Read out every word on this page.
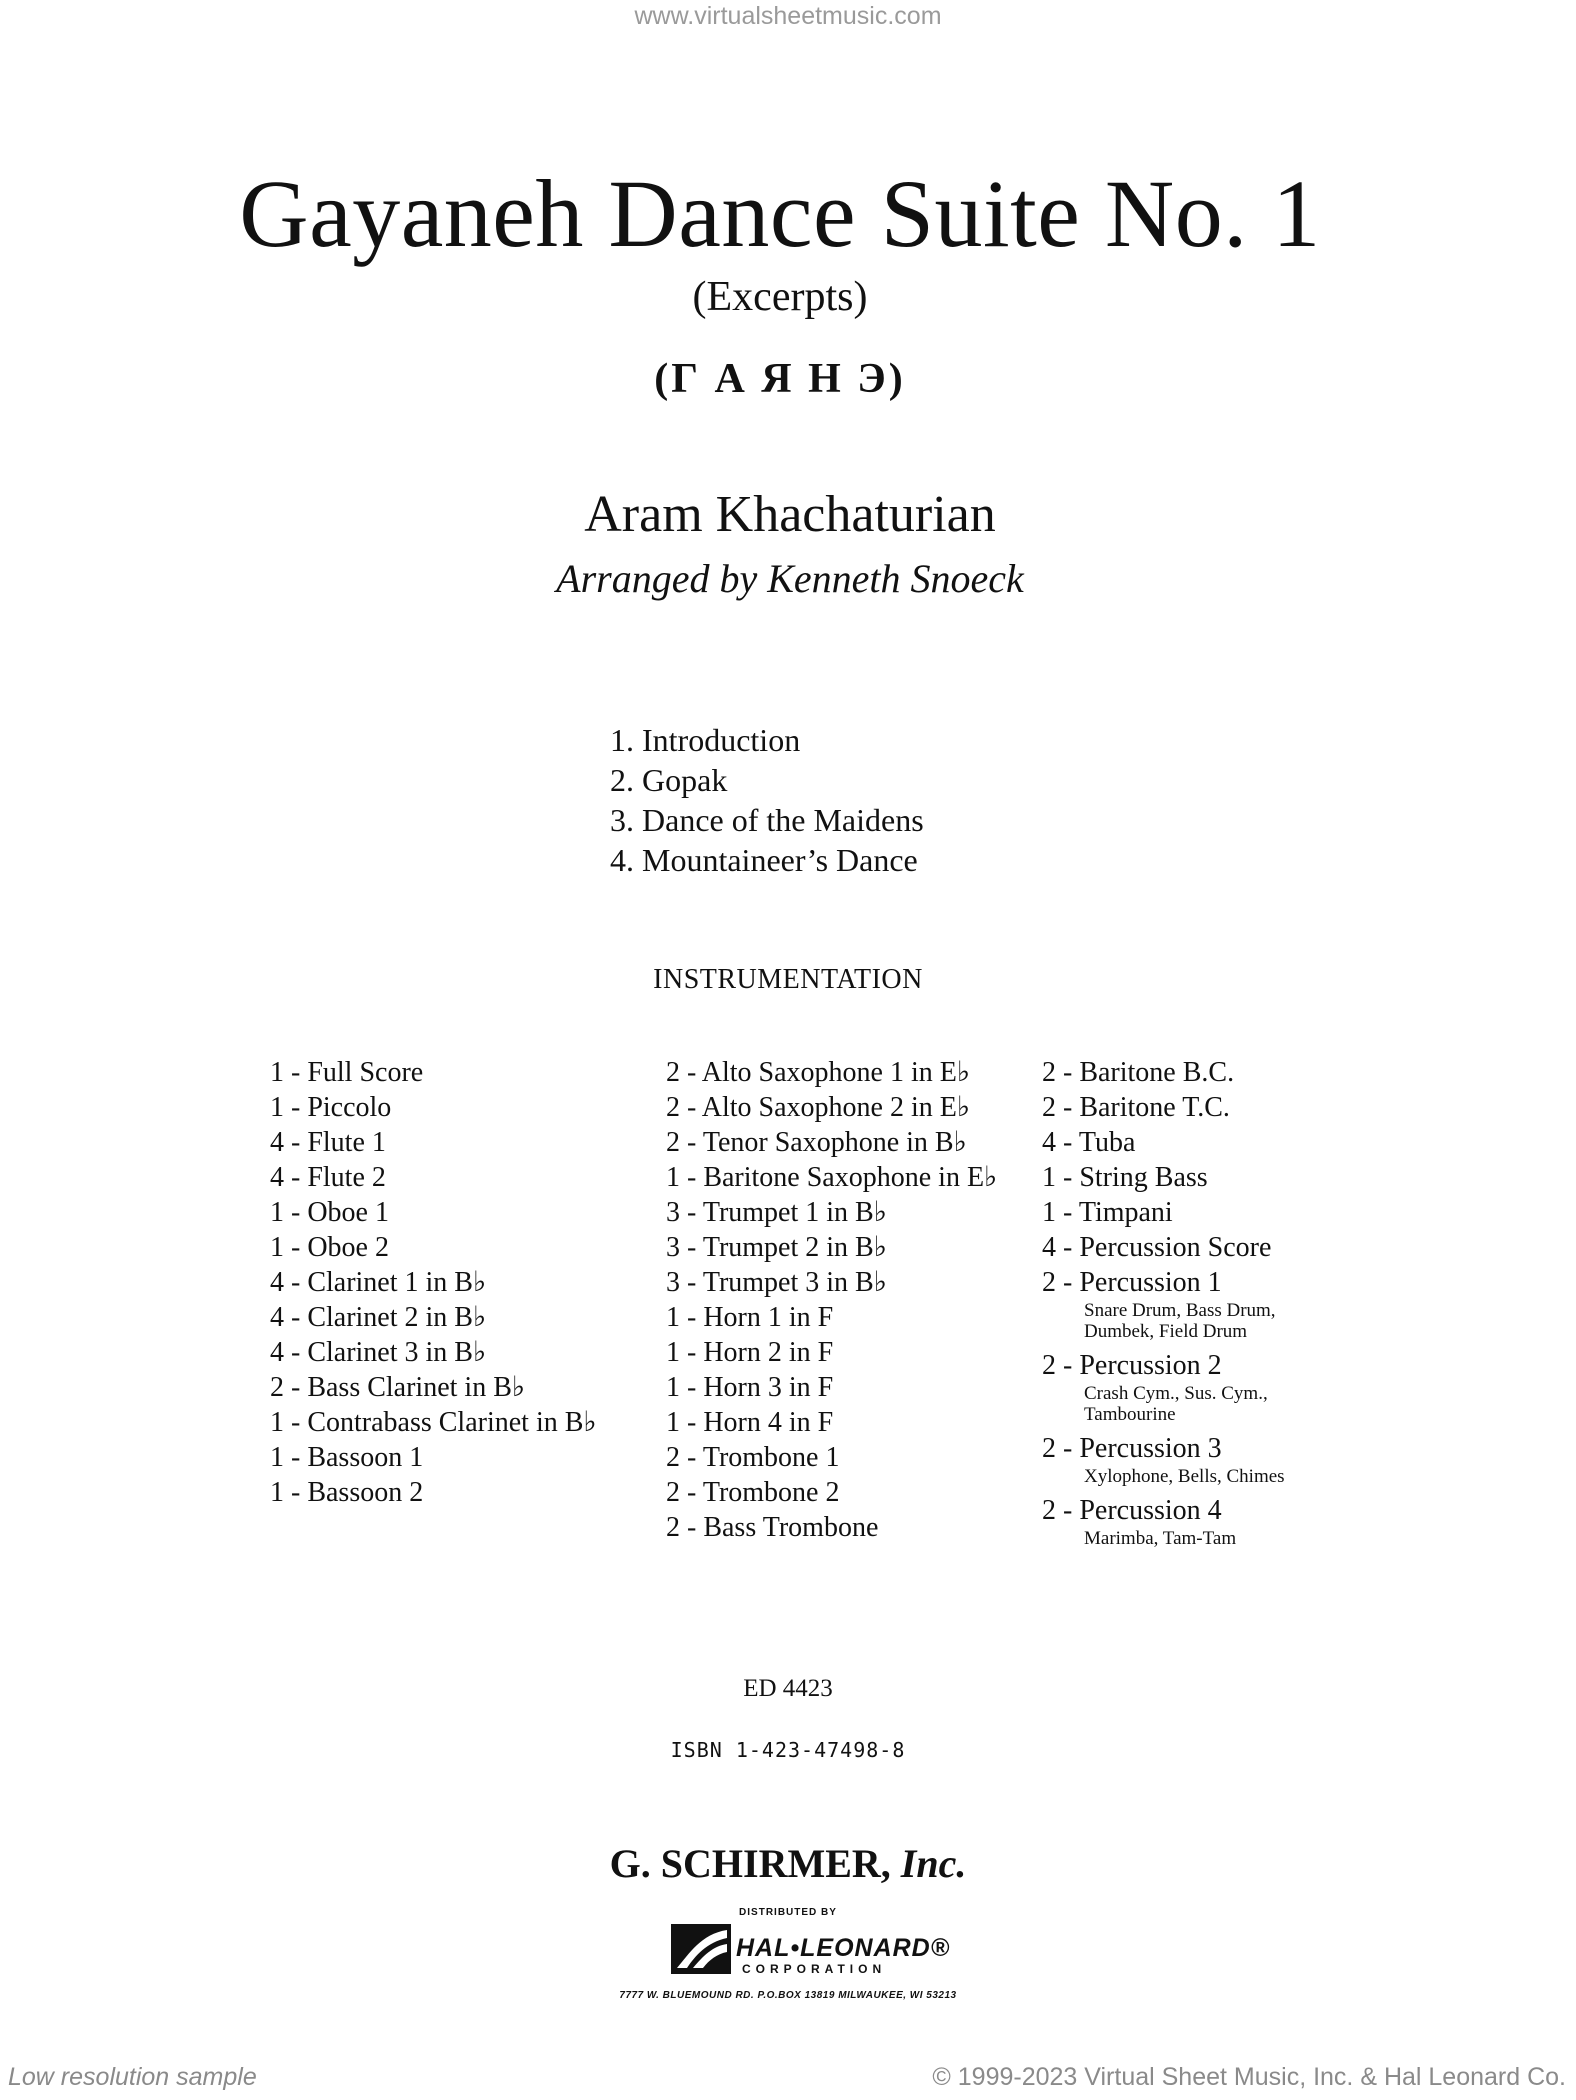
www.virtualsheetmusic.com
Gayaneh Dance Suite No. 1
(Excerpts)
(Г А Я Н Э)
Aram Khachaturian
Arranged by Kenneth Snoeck
1. Introduction
2. Gopak
3. Dance of the Maidens
4. Mountaineer’s Dance
INSTRUMENTATION
1 - Full Score
1 - Piccolo
4 - Flute 1
4 - Flute 2
1 - Oboe 1
1 - Oboe 2
4 - Clarinet 1 in B♭
4 - Clarinet 2 in B♭
4 - Clarinet 3 in B♭
2 - Bass Clarinet in B♭
1 - Contrabass Clarinet in B♭
1 - Bassoon 1
1 - Bassoon 2
2 - Alto Saxophone 1 in E♭
2 - Alto Saxophone 2 in E♭
2 - Tenor Saxophone in B♭
1 - Baritone Saxophone in E♭
3 - Trumpet 1 in B♭
3 - Trumpet 2 in B♭
3 - Trumpet 3 in B♭
1 - Horn 1 in F
1 - Horn 2 in F
1 - Horn 3 in F
1 - Horn 4 in F
2 - Trombone 1
2 - Trombone 2
2 - Bass Trombone
2 - Baritone B.C.
2 - Baritone T.C.
4 - Tuba
1 - String Bass
1 - Timpani
4 - Percussion Score
2 - Percussion 1
Snare Drum, Bass Drum,
Dumbek, Field Drum
2 - Percussion 2
Crash Cym., Sus. Cym.,
Tambourine
2 - Percussion 3
Xylophone, Bells, Chimes
2 - Percussion 4
Marimba, Tam-Tam
ED 4423
ISBN 1-423-47498-8
G. SCHIRMER, Inc.
DISTRIBUTED BY
HAL•LEONARD®
CORPORATION
7777 W. BLUEMOUND RD. P.O.BOX 13819 MILWAUKEE, WI 53213
Low resolution sample	© 1999-2023 Virtual Sheet Music, Inc. & Hal Leonard Co.
